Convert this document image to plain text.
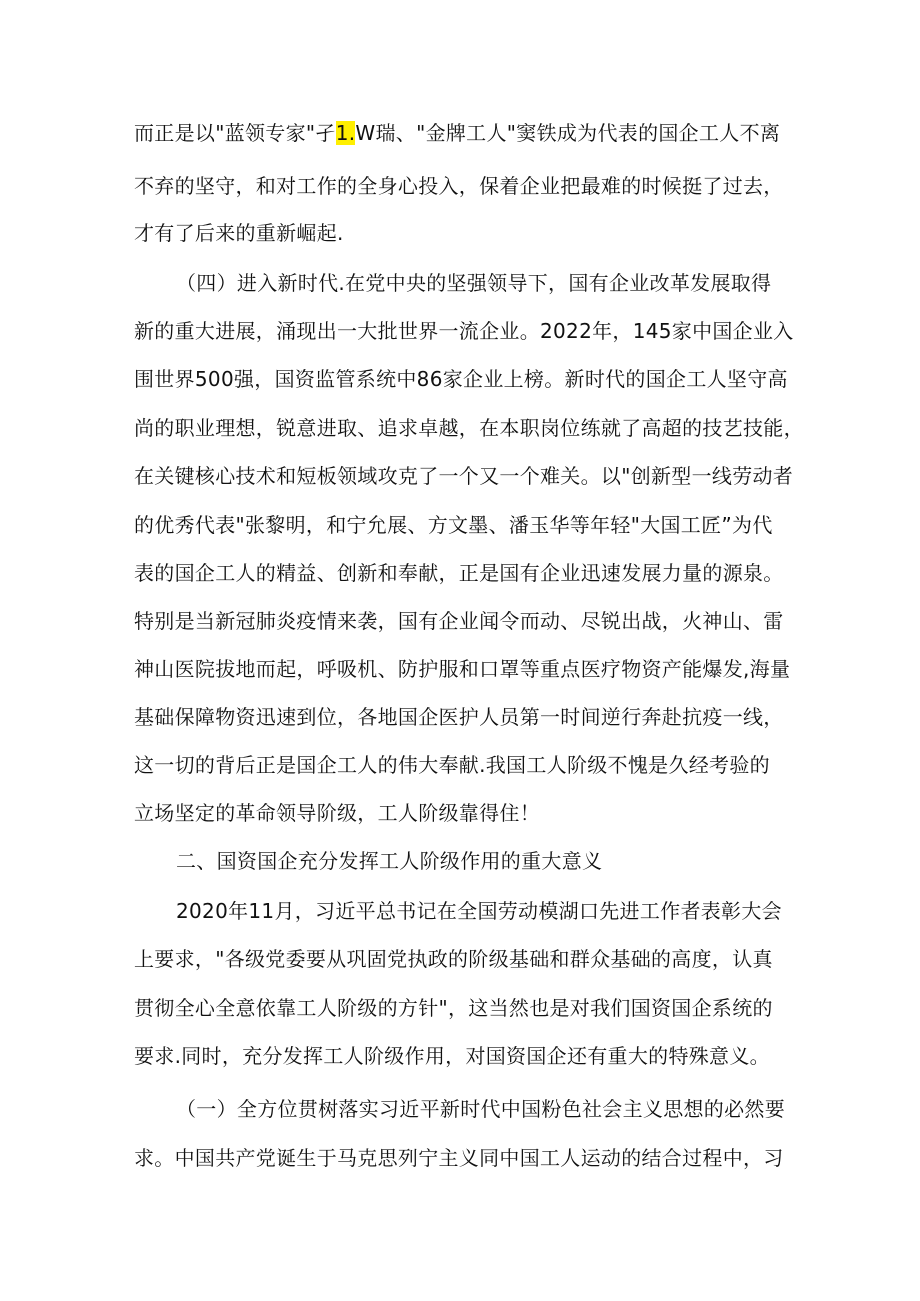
而正是以"蓝领专家"孑1.W瑞、"金牌工人"窦铁成为代表的国企工人不离
不弃的坚守，和对工作的全身心投入，保着企业把最难的时候挺了过去，
才有了后来的重新崛起.
（四）进入新时代.在党中央的坚强领导下，国有企业改革发展取得
新的重大进展，涌现出一大批世界一流企业。2022年，145家中国企业入
围世界500强，国资监管系统中86家企业上榜。新时代的国企工人坚守高
尚的职业理想，锐意进取、追求卓越，在本职岗位练就了高超的技艺技能，
在关键核心技术和短板领域攻克了一个又一个难关。以"创新型一线劳动者
的优秀代表"张黎明，和宁允展、方文墨、潘玉华等年轻"大国工匠”为代
表的国企工人的精益、创新和奉献，正是国有企业迅速发展力量的源泉。
特别是当新冠肺炎疫情来袭，国有企业闻令而动、尽锐出战，火神山、雷
神山医院拔地而起，呼吸机、防护服和口罩等重点医疗物资产能爆发,海量
基础保障物资迅速到位，各地国企医护人员第一时间逆行奔赴抗疫一线，
这一切的背后正是国企工人的伟大奉献.我国工人阶级不愧是久经考验的
立场坚定的革命领导阶级，工人阶级靠得住！
二、国资国企充分发挥工人阶级作用的重大意义
2020年11月，习近平总书记在全国劳动模湖口先进工作者表彰大会
上要求，"各级党委要从巩固党执政的阶级基础和群众基础的高度，认真
贯彻全心全意依靠工人阶级的方针"，这当然也是对我们国资国企系统的
要求.同时，充分发挥工人阶级作用，对国资国企还有重大的特殊意义。
（一）全方位贯树落实习近平新时代中国粉色社会主义思想的必然要
求。中国共产党诞生于马克思列宁主义同中国工人运动的结合过程中，习
